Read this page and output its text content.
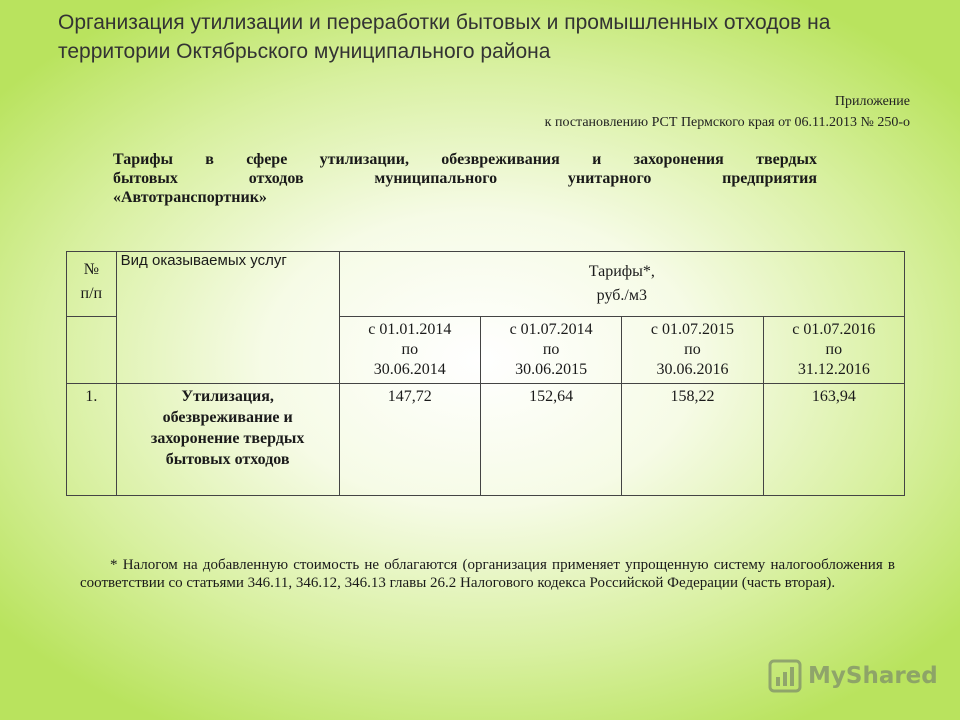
Организация утилизации и переработки бытовых и промышленных отходов на
территории Октябрьского муниципального района
Приложение
к постановлению РСТ Пермского края от 06.11.2013 № 250-о
Тарифы в сфере утилизации, обезвреживания и захоронения твердых
бытовых отходов муниципального унитарного предприятия
«Автотранспортник»
№
п/п	Вид оказываемых услуг	Тарифы*,
руб./м3			

		с 01.01.2014
по
30.06.2014	с 01.07.2014
по
30.06.2015	с 01.07.2015
по
30.06.2016	с 01.07.2016
по
31.12.2016

1.	Утилизация,
обезвреживание и
захоронение твердых
бытовых отходов	147,72	152,64	158,22	163,94
* Налогом на добавленную стоимость не облагаются (организация применяет упрощенную систему налогообложения в соответствии со статьями 346.11, 346.12, 346.13 главы 26.2 Налогового кодекса Российской Федерации (часть вторая).
MyShared
